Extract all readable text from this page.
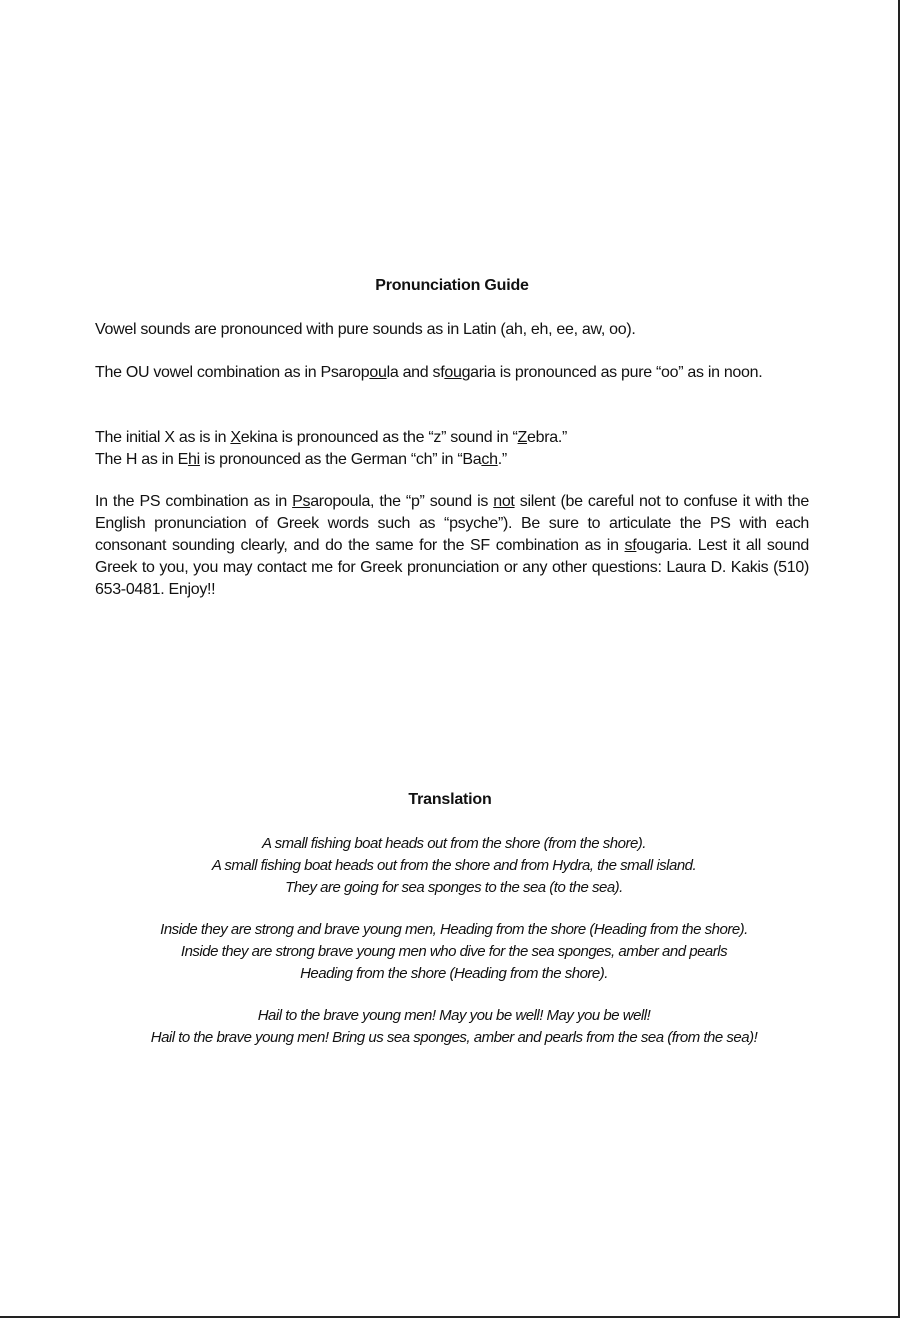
Pronunciation Guide

Vowel sounds are pronounced with pure sounds as in Latin (ah, eh, ee, aw, oo).

The OU vowel combination as in Psaropoula and sfougaria is pronounced as pure “oo” as in noon.

The initial X as is in Xekina is pronounced as the “z” sound in “Zebra.”

The H as in Ehi is pronounced as the German “ch” in “Bach.”

In the PS combination as in Psaropoula, the “p” sound is not silent (be careful not to confuse it with the English pronunciation of Greek words such as “psyche”). Be sure to articulate the PS with each consonant sounding clearly, and do the same for the SF combination as in sfougaria. Lest it all sound Greek to you, you may contact me for Greek pronunciation or any other questions: Laura D. Kakis (510) 653-0481. Enjoy!!

Translation

A small fishing boat heads out from the shore (from the shore).

A small fishing boat heads out from the shore and from Hydra, the small island.

They are going for sea sponges to the sea (to the sea).

Inside they are strong and brave young men, Heading from the shore (Heading from the shore).

Inside they are strong brave young men who dive for the sea sponges, amber and pearls

Heading from the shore (Heading from the shore).

Hail to the brave young men! May you be well! May you be well!

Hail to the brave young men! Bring us sea sponges, amber and pearls from the sea (from the sea)!
